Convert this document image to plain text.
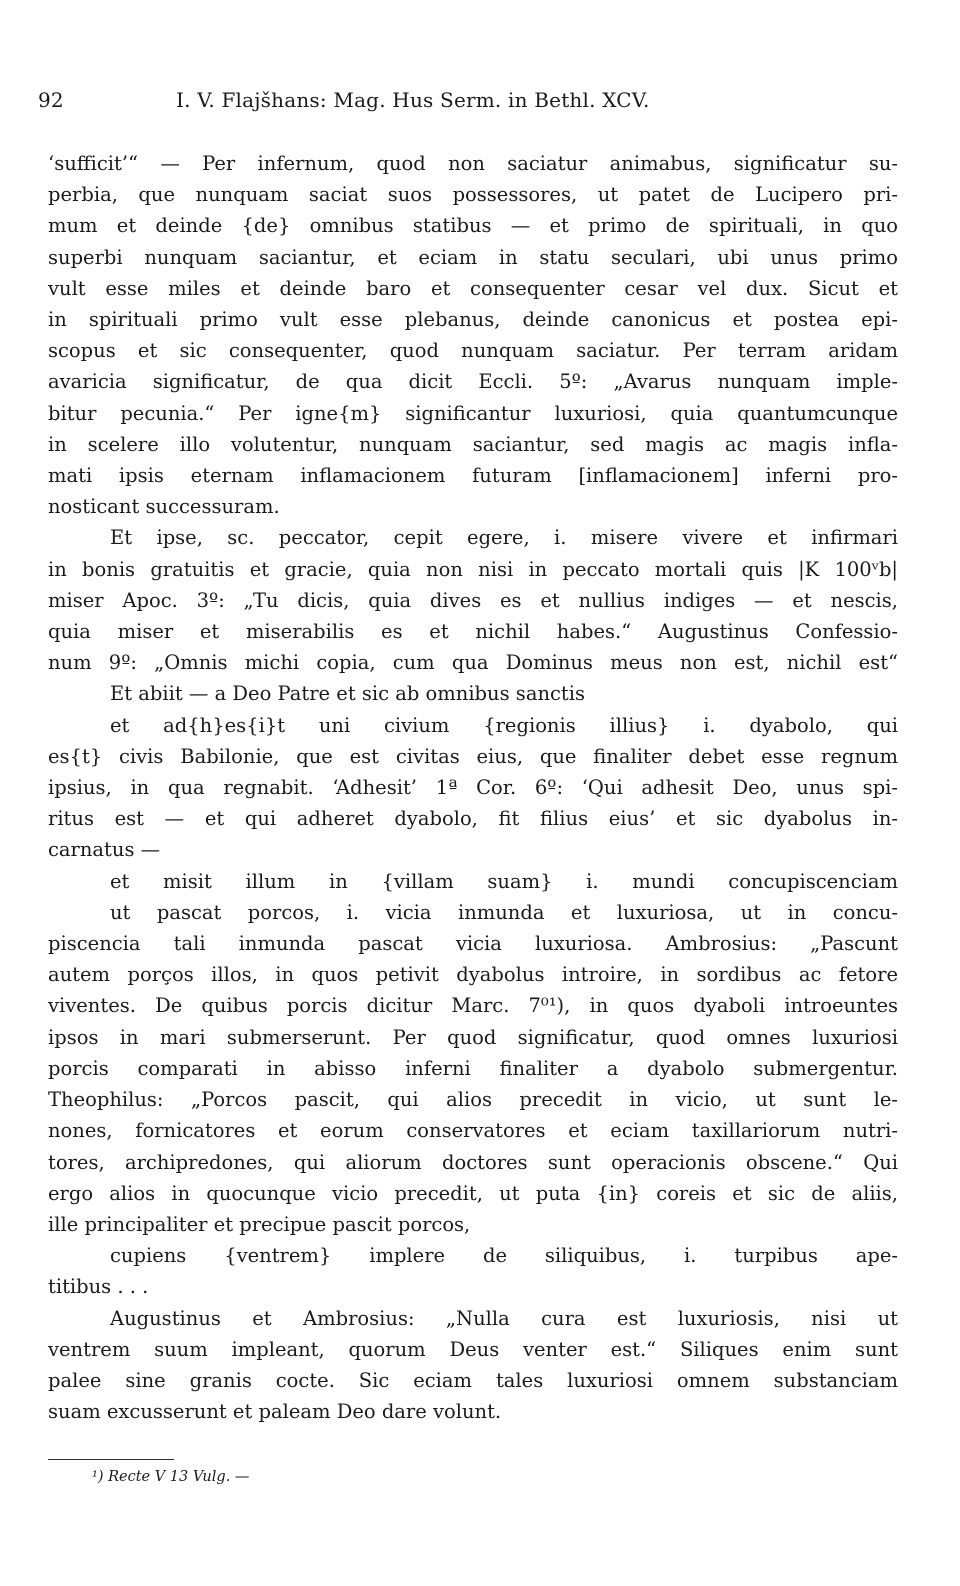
92	I. V. Flajšhans: Mag. Hus Serm. in Bethl. XCV.
‘sufficit’“ — Per infernum, quod non saciatur animabus, significatur su-
perbia, que nunquam saciat suos possessores, ut patet de Lucipero pri-
mum et deinde {de} omnibus statibus — et primo de spirituali, in quo
superbi nunquam saciantur, et eciam in statu seculari, ubi unus primo
vult esse miles et deinde baro et consequenter cesar vel dux. Sicut et
in spirituali primo vult esse plebanus, deinde canonicus et postea epi-
scopus et sic consequenter, quod nunquam saciatur. Per terram aridam
avaricia significatur, de qua dicit Eccli. 5º: „Avarus nunquam imple-
bitur pecunia.“ Per igne{m} significantur luxuriosi, quia quantumcunque
in scelere illo volutentur, nunquam saciantur, sed magis ac magis infla-
mati ipsis eternam inflamacionem futuram [inflamacionem] inferni pro-
nosticant successuram.
Et ipse, sc. peccator, cepit egere, i. misere vivere et infirmari
in bonis gratuitis et gracie, quia non nisi in peccato mortali quis |K 100ᵛb|
miser Apoc. 3º: „Tu dicis, quia dives es et nullius indiges — et nescis,
quia miser et miserabilis es et nichil habes.“ Augustinus Confessio-
num 9º: „Omnis michi copia, cum qua Dominus meus non est, nichil est“
Et abiit — a Deo Patre et sic ab omnibus sanctis
et ad{h}es{i}t uni civium {regionis illius} i. dyabolo, qui
es{t} civis Babilonie, que est civitas eius, que finaliter debet esse regnum
ipsius, in qua regnabit. ‘Adhesit’ 1ª Cor. 6º: ‘Qui adhesit Deo, unus spi-
ritus est — et qui adheret dyabolo, fit filius eius’ et sic dyabolus in-
carnatus —
et misit illum in {villam suam} i. mundi concupiscenciam
ut pascat porcos, i. vicia inmunda et luxuriosa, ut in concu-
piscencia tali inmunda pascat vicia luxuriosa. Ambrosius: „Pascunt
autem porços illos, in quos petivit dyabolus introire, in sordibus ac fetore
viventes. De quibus porcis dicitur Marc. 7⁰¹), in quos dyaboli introeuntes
ipsos in mari submerserunt. Per quod significatur, quod omnes luxuriosi
porcis comparati in abisso inferni finaliter a dyabolo submergentur.
Theophilus: „Porcos pascit, qui alios precedit in vicio, ut sunt le-
nones, fornicatores et eorum conservatores et eciam taxillariorum nutri-
tores, archipredones, qui aliorum doctores sunt operacionis obscene.“ Qui
ergo alios in quocunque vicio precedit, ut puta {in} coreis et sic de aliis,
ille principaliter et precipue pascit porcos,
cupiens {ventrem} implere de siliquibus, i. turpibus ape-
titibus . . .
Augustinus et Ambrosius: „Nulla cura est luxuriosis, nisi ut
ventrem suum impleant, quorum Deus venter est.“ Siliques enim sunt
palee sine granis cocte. Sic eciam tales luxuriosi omnem substanciam
suam excusserunt et paleam Deo dare volunt.
¹) Recte V 13 Vulg. —
